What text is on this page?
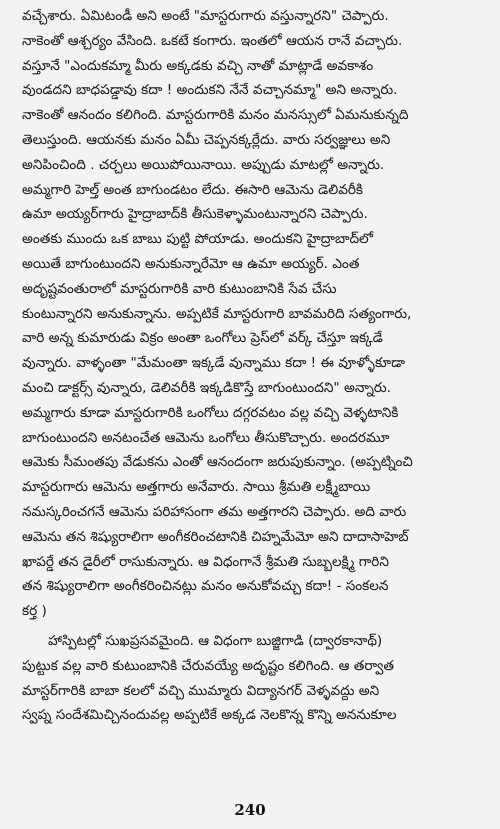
వచ్చేశారు. ఏమిటండీ అని అంటే "మాస్టరుగారు వస్తున్నారని" చెప్పారు.
నాకెంతో ఆశ్చర్యం వేసింది. ఒకటే కంగారు. ఇంతలో ఆయన రానే వచ్చారు.
వస్తూనే "ఎందుకమ్మా మీరు అక్కడకు వచ్చి నాతో మాట్లాడే అవకాశం
వుండదని బాధపడ్డావు కదా ! అందుకని నేనే వచ్చానమ్మా" అని అన్నారు.
నాకెంతో ఆనందం కలిగింది. మాస్టరుగారికి మనం మనస్సులో ఏమనుకున్నది
తెలుస్తుంది. ఆయనకు మనం ఏమీ చెప్పనక్కర్లేదు. వారు సర్వజ్ఞులు అని
అనిపించింది . చర్చలు అయిపోయినాయి. అప్పుడు మాటల్లో అన్నారు.
అమ్మగారి హెల్త్ అంత బాగుండటం లేదు. ఈసారి ఆమెను డెలివరీకి
ఉమా అయ్యర్‌గారు హైద్రాబాద్‌కి తీసుకెళ్ళామంటున్నారని చెప్పారు.
అంతకు ముందు ఒక బాబు పుట్టి పోయాడు. అందుకని హైద్రాబాద్‌లో
అయితే బాగుంటుందని అనుకున్నారేమో ఆ ఉమా అయ్యర్. ఎంత
అదృష్టవంతురాలో మాస్టరుగారికి వారి కుటుంబానికి సేవ చేసు
కుంటున్నారని అనుకున్నాను. అప్పటికే మాస్టరుగారి బావమరిది సత్యంగారు,
వారి అన్న కుమారుడు విక్రం అంతా ఒంగోలు ప్రెస్‌లో వర్క్ చేస్తూ ఇక్కడే
వున్నారు. వాళ్ళంతా "మేమంతా ఇక్కడే వున్నాము కదా ! ఈ వూళ్ళోకూడా
మంచి డాక్టర్స్ వున్నారు, డెలివరీకి ఇక్కడికొస్తే బాగుంటుందని" అన్నారు.
అమ్మగారు కూడా మాస్టరుగారికి ఒంగోలు దగ్గరవటం వల్ల వచ్చి వెళ్ళటానికి
బాగుంటుందని అనటంచేత ఆమెను ఒంగోలు తీసుకొచ్చారు. అందరమూ
ఆమెకు సీమంతపు వేడుకను ఎంతో ఆనందంగా జరుపుకున్నాం. (అప్పట్నించి
మాస్టరుగారు ఆమెను అత్తగారు అనేవారు. సాయి శ్రీమతి లక్ష్మీబాయి
నమస్కరించగనే ఆమెను పరిహాసంగా తమ అత్తగారని చెప్పారు. అది వారు
ఆమెను తన శిష్యురాలిగా అంగీకరించటానికి చిహ్నమేమో అని దాదాసాహెబ్
ఖాపర్డే తన డైరీలో రాసుకున్నారు. ఆ విధంగానే శ్రీమతి సుబ్బలక్ష్మి గారిని
తన శిష్యురాలిగా అంగీకరించినట్లు మనం అనుకోవచ్చు కదా! - సంకలన
కర్త )
హాస్పిటల్లో సుఖప్రసవమైంది. ఆ విధంగా బుజ్జిగాడి (ద్వారకానాథ్)
పుట్టుక వల్ల వారి కుటుంబానికి చేరువయ్యే అదృష్టం కలిగింది. ఆ తర్వాత
మాస్టర్‌గారికి బాబా కలలో వచ్చి ముమ్మారు విద్యానగర్ వెళ్ళవద్దు అని
స్వప్న సందేశమిచ్చినందువల్ల అప్పటికే అక్కడ నెలకొన్న కొన్ని అననుకూల
240
